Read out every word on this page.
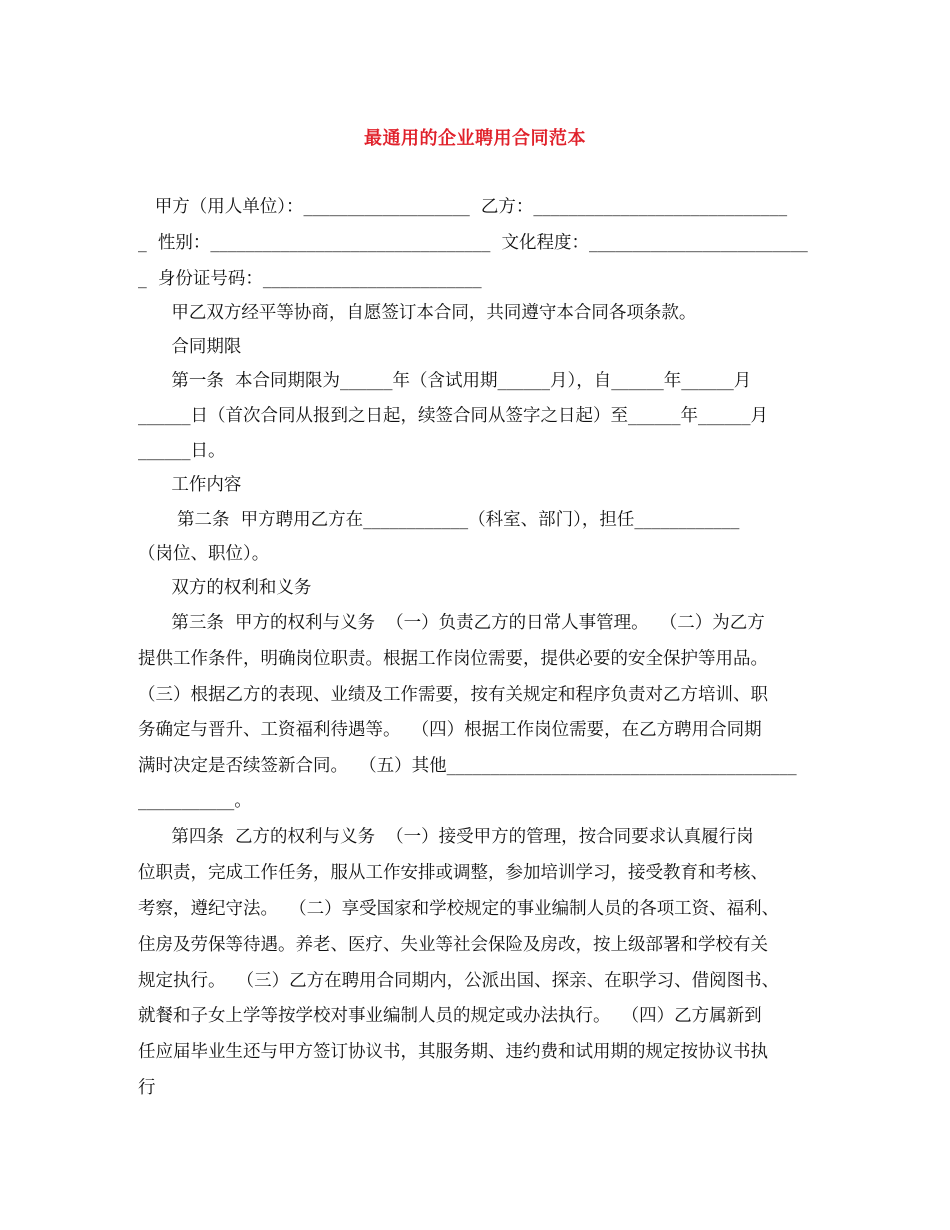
最通用的企业聘用合同范本
甲方（用人单位）：___________________  乙方：_____________________________
_  性别：________________________________  文化程度：_________________________
_  身份证号码：_________________________
甲乙双方经平等协商，自愿签订本合同，共同遵守本合同各项条款。
合同期限
第一条  本合同期限为______年（含试用期______月），自______年______月
______日（首次合同从报到之日起，续签合同从签字之日起）至______年______月
______日。
工作内容
第二条  甲方聘用乙方在____________（科室、部门），担任____________
（岗位、职位）。
双方的权利和义务
第三条  甲方的权利与义务  （一）负责乙方的日常人事管理。  （二）为乙方
提供工作条件，明确岗位职责。根据工作岗位需要，提供必要的安全保护等用品。
（三）根据乙方的表现、业绩及工作需要，按有关规定和程序负责对乙方培训、职
务确定与晋升、工资福利待遇等。  （四）根据工作岗位需要，在乙方聘用合同期
满时决定是否续签新合同。  （五）其他________________________________________
___________。
第四条  乙方的权利与义务  （一）接受甲方的管理，按合同要求认真履行岗
位职责，完成工作任务，服从工作安排或调整，参加培训学习，接受教育和考核、
考察，遵纪守法。  （二）享受国家和学校规定的事业编制人员的各项工资、福利、
住房及劳保等待遇。养老、医疗、失业等社会保险及房改，按上级部署和学校有关
规定执行。  （三）乙方在聘用合同期内，公派出国、探亲、在职学习、借阅图书、
就餐和子女上学等按学校对事业编制人员的规定或办法执行。  （四）乙方属新到
任应届毕业生还与甲方签订协议书，其服务期、违约费和试用期的规定按协议书执
行
